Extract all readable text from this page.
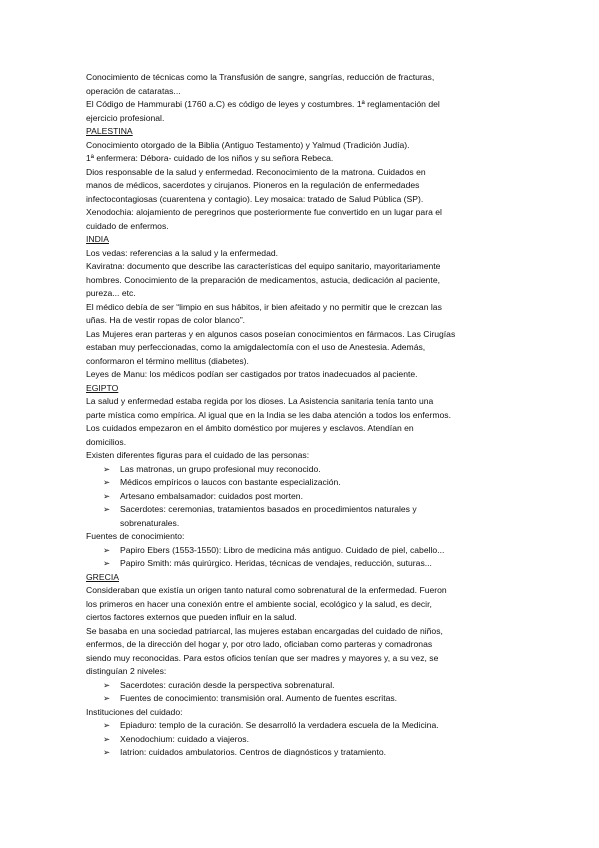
Conocimiento de técnicas como la Transfusión de sangre, sangrías, reducción de fracturas,
operación de cataratas...
El Código de Hammurabi (1760 a.C) es código de leyes y costumbres. 1ª reglamentación del
ejercicio profesional.
PALESTINA
Conocimiento otorgado de la Biblia (Antiguo Testamento) y Yalmud (Tradición Judía).
1ª enfermera: Débora- cuidado de los niños y su señora Rebeca.
Dios responsable de la salud y enfermedad. Reconocimiento de la matrona. Cuidados en
manos de médicos, sacerdotes y cirujanos. Pioneros en la regulación de enfermedades
infectocontagiosas (cuarentena y contagio). Ley mosaica: tratado de Salud Pública (SP).
Xenodochia: alojamiento de peregrinos que posteriormente fue convertido en un lugar para el
cuidado de enfermos.
INDIA
Los vedas: referencias a la salud y la enfermedad.
Kaviratna: documento que describe las características del equipo sanitario, mayoritariamente
hombres. Conocimiento de la preparación de medicamentos, astucia, dedicación al paciente,
pureza... etc.
El médico debía de ser “limpio en sus hábitos, ir bien afeitado y no permitir que le crezcan las
uñas. Ha de vestir ropas de color blanco”.
Las Mujeres eran parteras y en algunos casos poseían conocimientos en fármacos. Las Cirugías
estaban muy perfeccionadas, como la amigdalectomía con el uso de Anestesia. Además,
conformaron el término mellitus (diabetes).
Leyes de Manu: los médicos podían ser castigados por tratos inadecuados al paciente.
EGIPTO
La salud y enfermedad estaba regida por los dioses. La Asistencia sanitaria tenía tanto una
parte mística como empírica. Al igual que en la India se les daba atención a todos los enfermos.
Los cuidados empezaron en el ámbito doméstico por mujeres y esclavos. Atendían en
domicilios.
Existen diferentes figuras para el cuidado de las personas:
➢ Las matronas, un grupo profesional muy reconocido.
➢ Médicos empíricos o laucos con bastante especialización.
➢ Artesano embalsamador: cuidados post morten.
➢ Sacerdotes: ceremonias, tratamientos basados en procedimientos naturales y
sobrenaturales.
Fuentes de conocimiento:
➢ Papiro Ebers (1553-1550): Libro de medicina más antiguo. Cuidado de piel, cabello...
➢ Papiro Smith: más quirúrgico. Heridas, técnicas de vendajes, reducción, suturas...
GRECIA
Consideraban que existía un origen tanto natural como sobrenatural de la enfermedad. Fueron
los primeros en hacer una conexión entre el ambiente social, ecológico y la salud, es decir,
ciertos factores externos que pueden influir en la salud.
Se basaba en una sociedad patriarcal, las mujeres estaban encargadas del cuidado de niños,
enfermos, de la dirección del hogar y, por otro lado, oficiaban como parteras y comadronas
siendo muy reconocidas. Para estos oficios tenían que ser madres y mayores y, a su vez, se
distinguían 2 niveles:
➢ Sacerdotes: curación desde la perspectiva sobrenatural.
➢ Fuentes de conocimiento: transmisión oral. Aumento de fuentes escritas.
Instituciones del cuidado:
➢ Epiaduro: templo de la curación. Se desarrolló la verdadera escuela de la Medicina.
➢ Xenodochium: cuidado a viajeros.
➢ Iatrion: cuidados ambulatorios. Centros de diagnósticos y tratamiento.
